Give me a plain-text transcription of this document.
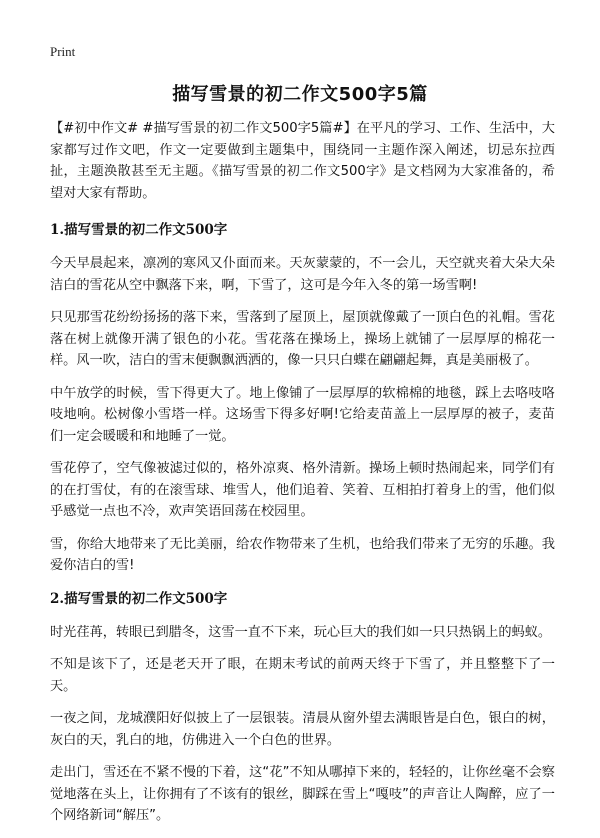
Print
描写雪景的初二作文500字5篇

【#初中作文# #描写雪景的初二作文500字5篇#】在平凡的学习、工作、生活中，大家都写过作文吧，作文一定要做到主题集中，围绕同一主题作深入阐述，切忌东拉西扯，主题涣散甚至无主题。《描写雪景的初二作文500字》是文档网为大家准备的，希望对大家有帮助。

1.描写雪景的初二作文500字

今天早晨起来，凛冽的寒风又仆面而来。天灰蒙蒙的，不一会儿，天空就夹着大朵大朵洁白的雪花从空中飘落下来，啊，下雪了，这可是今年入冬的第一场雪啊!

只见那雪花纷纷扬扬的落下来，雪落到了屋顶上，屋顶就像戴了一顶白色的礼帽。雪花落在树上就像开满了银色的小花。雪花落在操场上，操场上就铺了一层厚厚的棉花一样。风一吹，洁白的雪末便飘飘洒洒的，像一只只白蝶在翩翩起舞，真是美丽极了。

中午放学的时候，雪下得更大了。地上像铺了一层厚厚的软棉棉的地毯，踩上去咯吱咯吱地响。松树像小雪塔一样。这场雪下得多好啊!它给麦苗盖上一层厚厚的被子，麦苗们一定会暖暖和和地睡了一觉。

雪花停了，空气像被滤过似的，格外凉爽、格外清新。操场上顿时热闹起来，同学们有的在打雪仗，有的在滚雪球、堆雪人，他们追着、笑着、互相拍打着身上的雪，他们似乎感觉一点也不冷，欢声笑语回荡在校园里。

雪，你给大地带来了无比美丽，给农作物带来了生机，也给我们带来了无穷的乐趣。我爱你洁白的雪!

2.描写雪景的初二作文500字

时光荏苒，转眼已到腊冬，这雪一直不下来，玩心巨大的我们如一只只热锅上的蚂蚁。

不知是该下了，还是老天开了眼，在期末考试的前两天终于下雪了，并且整整下了一天。

一夜之间，龙城濮阳好似披上了一层银装。清晨从窗外望去满眼皆是白色，银白的树，灰白的天，乳白的地，仿佛进入一个白色的世界。

走出门，雪还在不紧不慢的下着，这“花”不知从哪掉下来的，轻轻的，让你丝毫不会察觉地落在头上，让你拥有了不该有的银丝，脚踩在雪上“嘎吱”的声音让人陶醉，应了一个网络新词“解压”。
